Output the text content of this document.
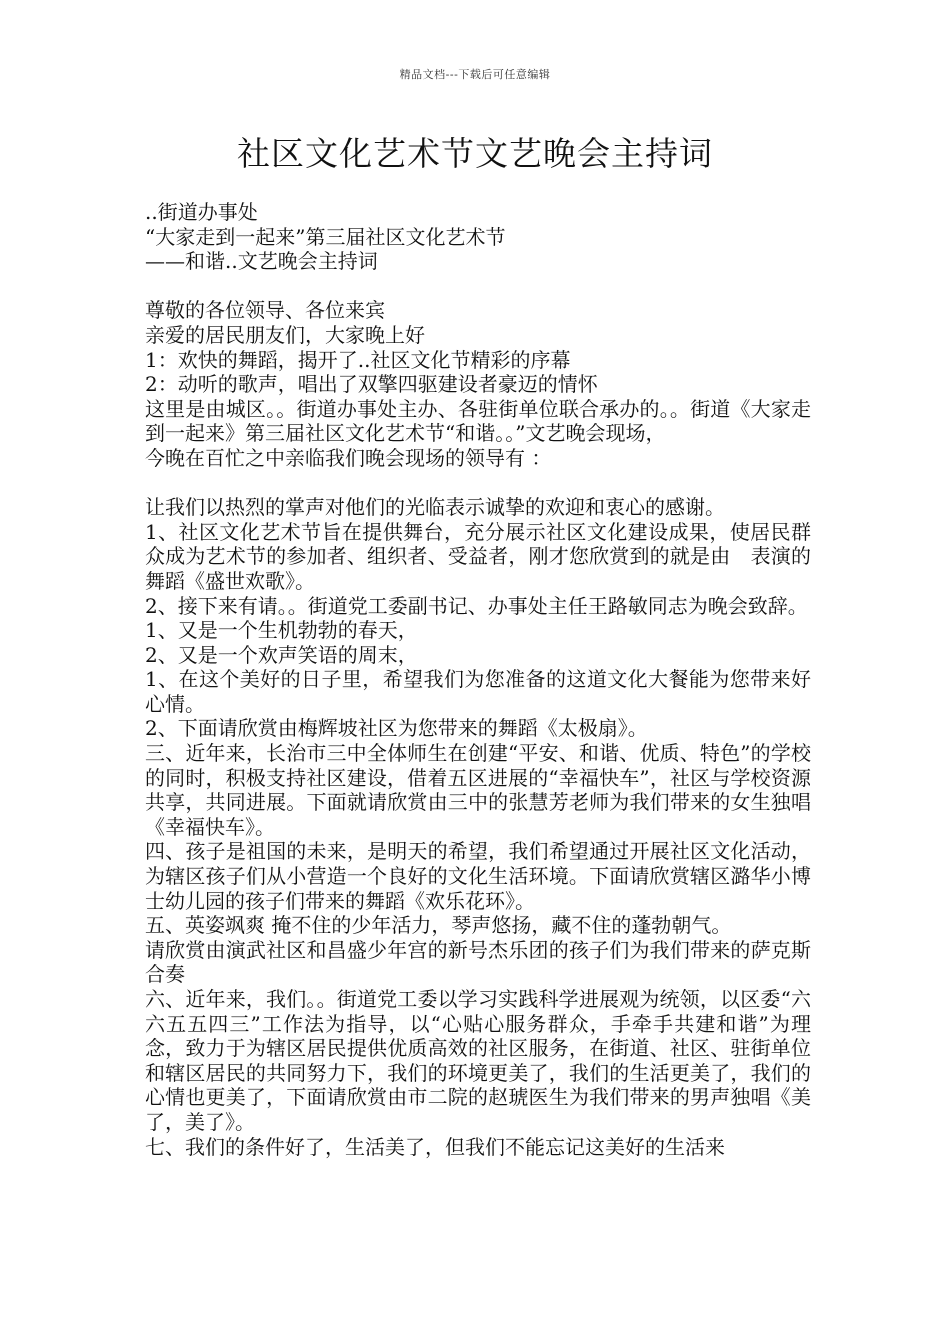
精品文档---下载后可任意编辑
社区文化艺术节文艺晚会主持词
..街道办事处
“大家走到一起来”第三届社区文化艺术节
——和谐..文艺晚会主持词
尊敬的各位领导、各位来宾
亲爱的居民朋友们，大家晚上好
1：欢快的舞蹈，揭开了..社区文化节精彩的序幕
2：动听的歌声，唱出了双擎四驱建设者豪迈的情怀
这里是由城区。。街道办事处主办、各驻街单位联合承办的。。街道《大家走到一起来》第三届社区文化艺术节“和谐。。”文艺晚会现场，
今晚在百忙之中亲临我们晚会现场的领导有 ：
让我们以热烈的掌声对他们的光临表示诚挚的欢迎和衷心的感谢。
1、社区文化艺术节旨在提供舞台，充分展示社区文化建设成果，使居民群众成为艺术节的参加者、组织者、受益者，刚才您欣赏到的就是由　表演的舞蹈《盛世欢歌》。
2、接下来有请。。街道党工委副书记、办事处主任王路敏同志为晚会致辞。
1、又是一个生机勃勃的春天，
2、又是一个欢声笑语的周末，
1、在这个美好的日子里，希望我们为您准备的这道文化大餐能为您带来好心情。
2、下面请欣赏由梅辉坡社区为您带来的舞蹈《太极扇》。
三、近年来，长治市三中全体师生在创建“平安、和谐、优质、特色”的学校的同时，积极支持社区建设，借着五区进展的“幸福快车”，社区与学校资源共享，共同进展。下面就请欣赏由三中的张慧芳老师为我们带来的女生独唱《幸福快车》。
四、孩子是祖国的未来，是明天的希望，我们希望通过开展社区文化活动，为辖区孩子们从小营造一个良好的文化生活环境。下面请欣赏辖区潞华小博士幼儿园的孩子们带来的舞蹈《欢乐花环》。
五、英姿飒爽 掩不住的少年活力，琴声悠扬，藏不住的蓬勃朝气。
请欣赏由演武社区和昌盛少年宫的新号杰乐团的孩子们为我们带来的萨克斯合奏
六、近年来，我们。。街道党工委以学习实践科学进展观为统领，以区委“六六五五四三”工作法为指导，以“心贴心服务群众，手牵手共建和谐”为理念，致力于为辖区居民提供优质高效的社区服务，在街道、社区、驻街单位和辖区居民的共同努力下，我们的环境更美了，我们的生活更美了，我们的心情也更美了，下面请欣赏由市二院的赵琥医生为我们带来的男声独唱《美了，美了》。
七、我们的条件好了，生活美了，但我们不能忘记这美好的生活来
